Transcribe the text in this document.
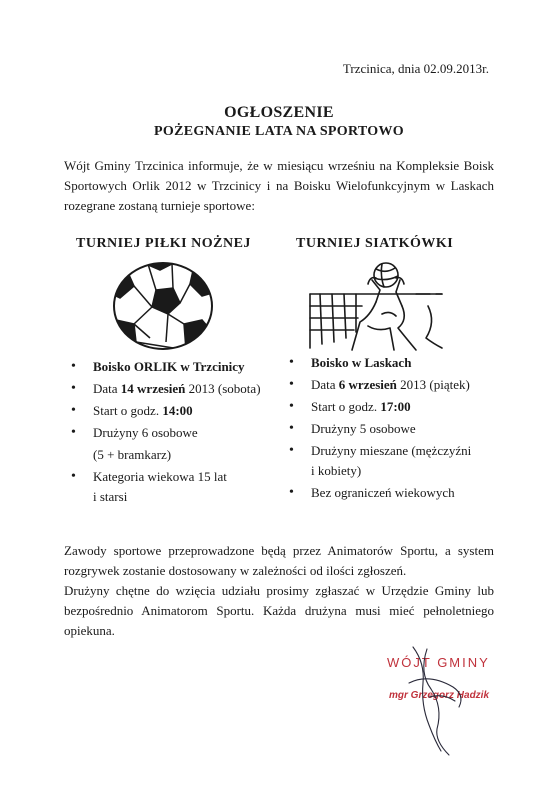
Trzcinica, dnia 02.09.2013r.
OGŁOSZENIE
POŻEGNANIE LATA NA SPORTOWO
Wójt Gminy Trzcinica informuje, że w miesiącu wrześniu na Kompleksie Boisk
Sportowych Orlik 2012 w Trzcinicy i na Boisku Wielofunkcyjnym w Laskach
rozegrane zostaną turnieje sportowe:
TURNIEJ PIŁKI NOŻNEJ
• Boisko ORLIK w Trzcinicy
• Data 14 wrzesień 2013 (sobota)
• Start o godz. 14:00
• Drużyny 6 osobowe
(5 + bramkarz)
• Kategoria wiekowa 15 lat
i starsi
TURNIEJ SIATKÓWKI
• Boisko w Laskach
• Data 6 wrzesień 2013 (piątek)
• Start o godz. 17:00
• Drużyny 5 osobowe
• Drużyny mieszane (mężczyźni
i kobiety)
• Bez ograniczeń wiekowych
Zawody sportowe przeprowadzone będą przez Animatorów Sportu, a system
rozgrywek zostanie dostosowany w zależności od ilości zgłoszeń.
Drużyny chętne do wzięcia udziału prosimy zgłaszać w Urzędzie Gminy lub
bezpośrednio Animatorom Sportu. Każda drużyna musi mieć pełnoletniego
opiekuna.
WÓJT GMINY
mgr Grzegorz Hadzik
